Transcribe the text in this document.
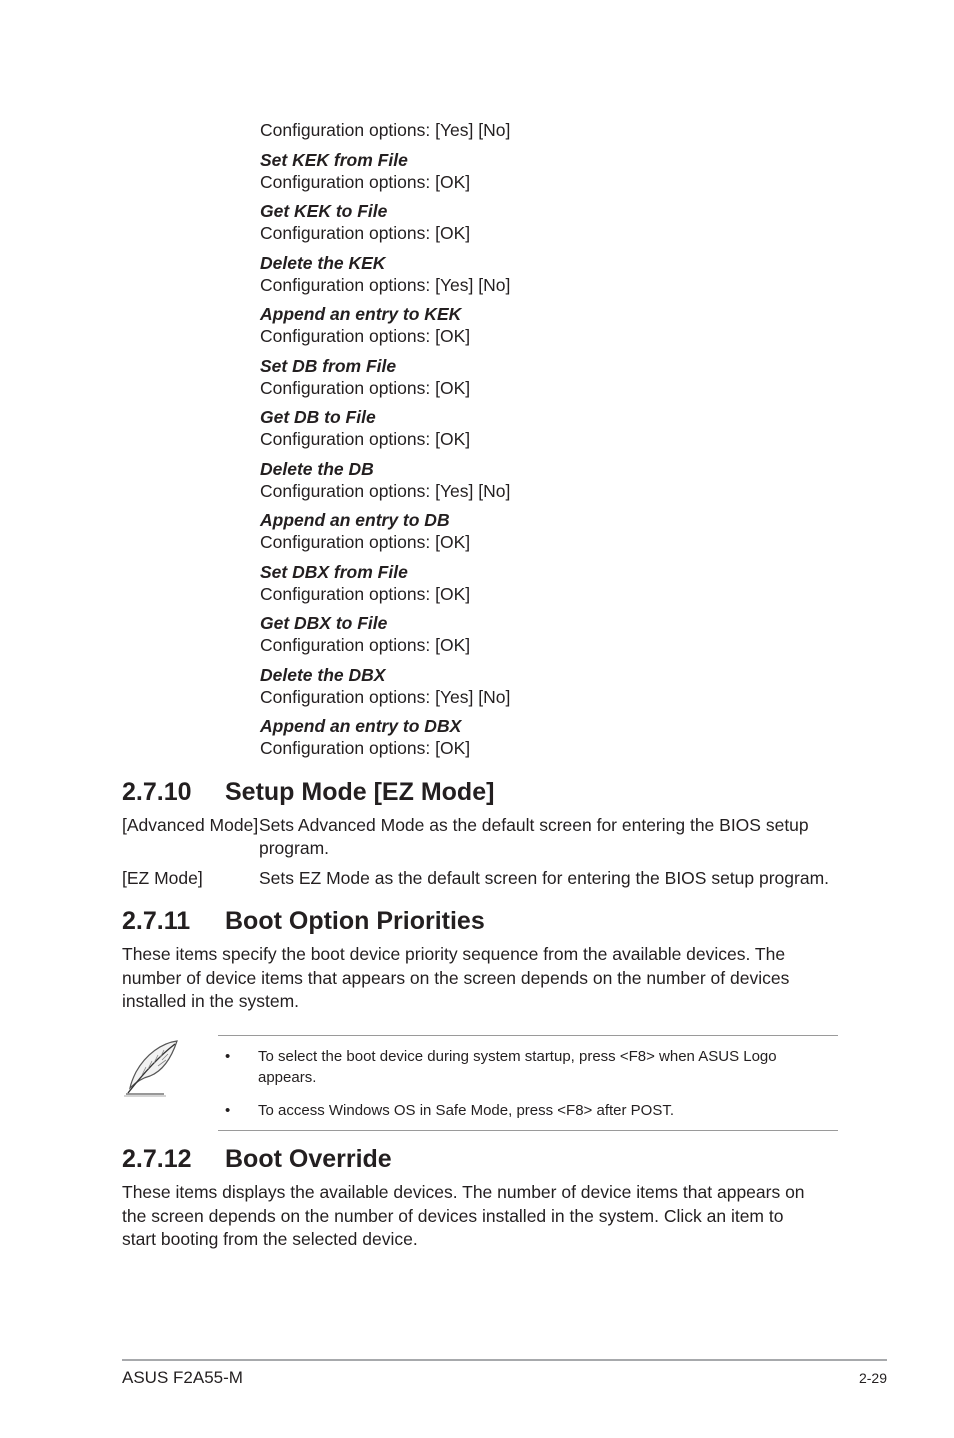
Configuration options: [Yes] [No]
Set KEK from File
Configuration options: [OK]
Get KEK to File
Configuration options: [OK]
Delete the KEK
Configuration options: [Yes] [No]
Append an entry to KEK
Configuration options: [OK]
Set DB from File
Configuration options: [OK]
Get DB to File
Configuration options: [OK]
Delete the DB
Configuration options: [Yes] [No]
Append an entry to DB
Configuration options: [OK]
Set DBX from File
Configuration options: [OK]
Get DBX to File
Configuration options: [OK]
Delete the DBX
Configuration options: [Yes] [No]
Append an entry to DBX
Configuration options: [OK]
2.7.10 Setup Mode [EZ Mode]
[Advanced Mode] Sets Advanced Mode as the default screen for entering the BIOS setup program.
[EZ Mode]	Sets EZ Mode as the default screen for entering the BIOS setup program.
2.7.11 Boot Option Priorities
These items specify the boot device priority sequence from the available devices. The number of device items that appears on the screen depends on the number of devices installed in the system.
• To select the boot device during system startup, press <F8> when ASUS Logo appears.
• To access Windows OS in Safe Mode, press <F8> after POST.
2.7.12 Boot Override
These items displays the available devices. The number of device items that appears on the screen depends on the number of devices installed in the system. Click an item to start booting from the selected device.
ASUS F2A55-M	2-29
